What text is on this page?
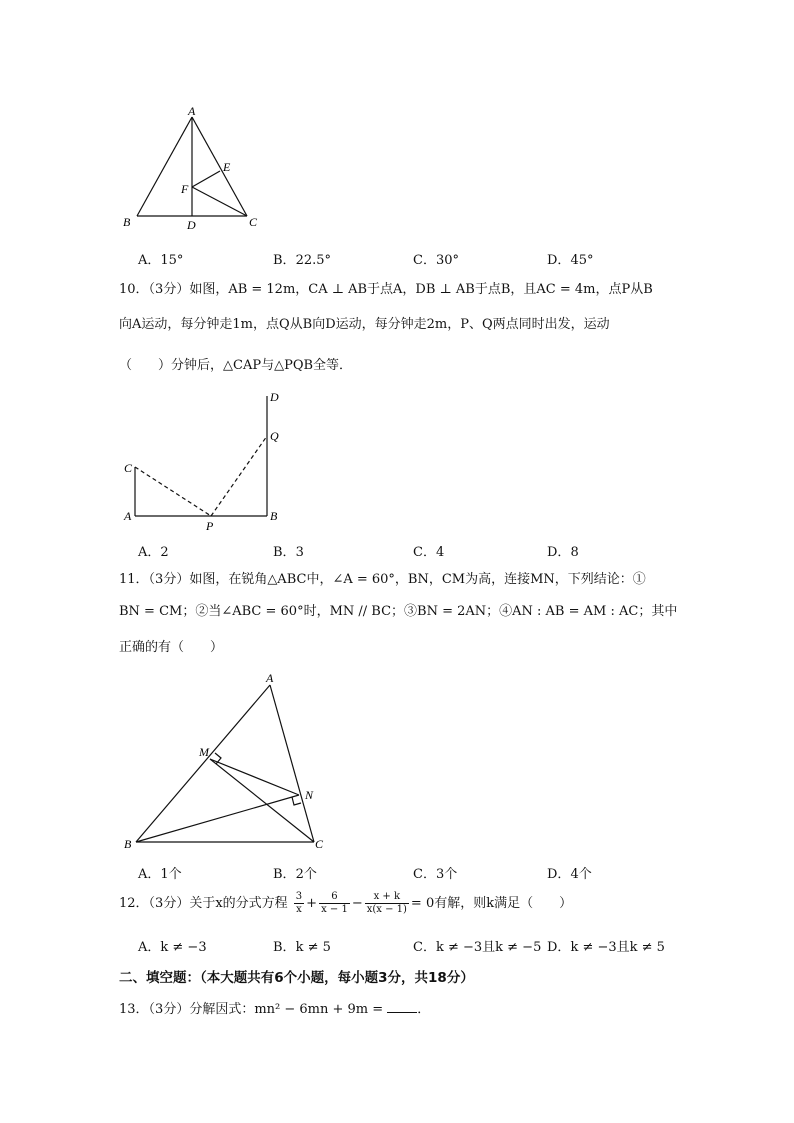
A
B	C
D
E
F
A．15°	B．22.5°	C．30°	D．45°
10．（3分）如图，AB = 12m，CA ⊥ AB于点A，DB ⊥ AB于点B，且AC = 4m，点P从B
向A运动，每分钟走1m，点Q从B向D运动，每分钟走2m，P、Q两点同时出发，运动
（　　）分钟后，△CAP与△PQB全等．
C
A
P
B
Q
D
A．2	B．3	C．4	D．8
11．（3分）如图，在锐角△ABC中，∠A = 60°，BN，CM为高，连接MN，下列结论：①
BN = CM；②当∠ABC = 60°时，MN // BC；③BN = 2AN；④AN : AB = AM : AC；其中
正确的有（　　）
A
M
N
B	C
A．1个	B．2个	C．3个	D．4个
12．（3分）关于x的分式方程 $\frac{3}{x} + \frac{6}{x - 1} - \frac{x + k}{x(x - 1)} = 0$有解，则k满足（　　）
A．k ≠ −3	B．k ≠ 5	C．k ≠ −3且k ≠ −5 D．k ≠ −3且k ≠ 5
二、填空题：（本大题共有6个小题，每小题3分，共18分）
13．（3分）分解因式：mn² − 6mn + 9m =	．
